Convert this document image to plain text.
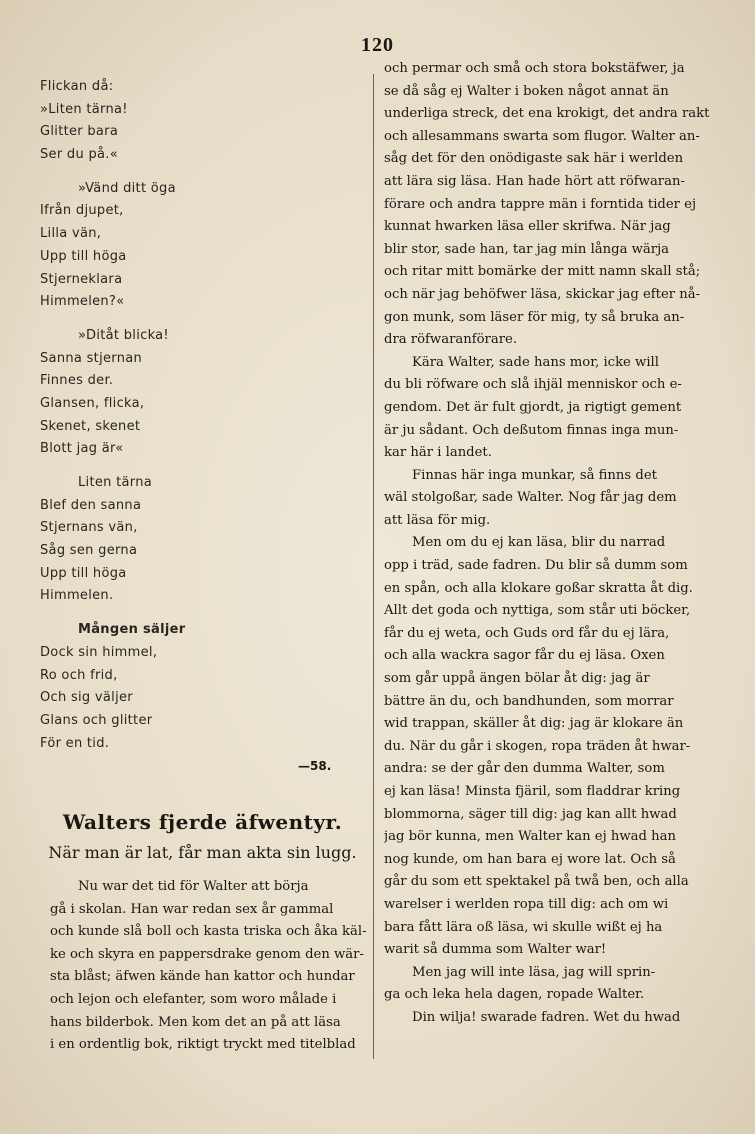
120
Flickan då:
»Liten tärna!
Glitter bara
Ser du på.«
»Vänd ditt öga
Ifrån djupet,
Lilla vän,
Upp till höga
Stjerneklara
Himmelen?«
»Ditåt blicka!
Sanna stjernan
Finnes der.
Glansen, flicka,
Skenet, skenet
Blott jag är«
Liten tärna
Blef den sanna
Stjernans vän,
Såg sen gerna
Upp till höga
Himmelen.
Mången säljer
Dock sin himmel,
Ro och frid,
Och sig väljer
Glans och glitter
För en tid.
—58.
Walters fjerde äfwentyr.
När man är lat, får man akta sin lugg.
Nu war det tid för Walter att börja
gå i skolan. Han war redan sex år gammal
och kunde slå boll och kasta triska och åka käl-
ke och skyra en pappersdrake genom den wär-
sta blåst; äfwen kände han kattor och hundar
och lejon och elefanter, som woro målade i
hans bilderbok. Men kom det an på att läsa
i en ordentlig bok, riktigt tryckt med titelblad
och permar och små och stora bokstäfwer, ja
se då såg ej Walter i boken något annat än
underliga streck, det ena krokigt, det andra rakt
och allesammans swarta som flugor. Walter an-
såg det för den onödigaste sak här i werlden
att lära sig läsa. Han hade hört att röfwaran-
förare och andra tappre män i forntida tider ej
kunnat hwarken läsa eller skrifwa. När jag
blir stor, sade han, tar jag min långa wärja
och ritar mitt bomärke der mitt namn skall stå;
och när jag behöfwer läsa, skickar jag efter nå-
gon munk, som läser för mig, ty så bruka an-
dra röfwaranförare.
Kära Walter, sade hans mor, icke will
du bli röfware och slå ihjäl menniskor och e-
gendom. Det är fult gjordt, ja rigtigt gement
är ju sådant. Och deßutom finnas inga mun-
kar här i landet.
Finnas här inga munkar, så finns det
wäl stolgoßar, sade Walter. Nog får jag dem
att läsa för mig.
Men om du ej kan läsa, blir du narrad
opp i träd, sade fadren. Du blir så dumm som
en spån, och alla klokare goßar skratta åt dig.
Allt det goda och nyttiga, som står uti böcker,
får du ej weta, och Guds ord får du ej lära,
och alla wackra sagor får du ej läsa. Oxen
som går uppå ängen bölar åt dig: jag är
bättre än du, och bandhunden, som morrar
wid trappan, skäller åt dig: jag är klokare än
du. När du går i skogen, ropa träden åt hwar-
andra: se der går den dumma Walter, som
ej kan läsa! Minsta fjäril, som fladdrar kring
blommorna, säger till dig: jag kan allt hwad
jag bör kunna, men Walter kan ej hwad han
nog kunde, om han bara ej wore lat. Och så
går du som ett spektakel på twå ben, och alla
warelser i werlden ropa till dig: ach om wi
bara fått lära oß läsa, wi skulle wißt ej ha
warit så dumma som Walter war!
Men jag will inte läsa, jag will sprin-
ga och leka hela dagen, ropade Walter.
Din wilja! swarade fadren. Wet du hwad
